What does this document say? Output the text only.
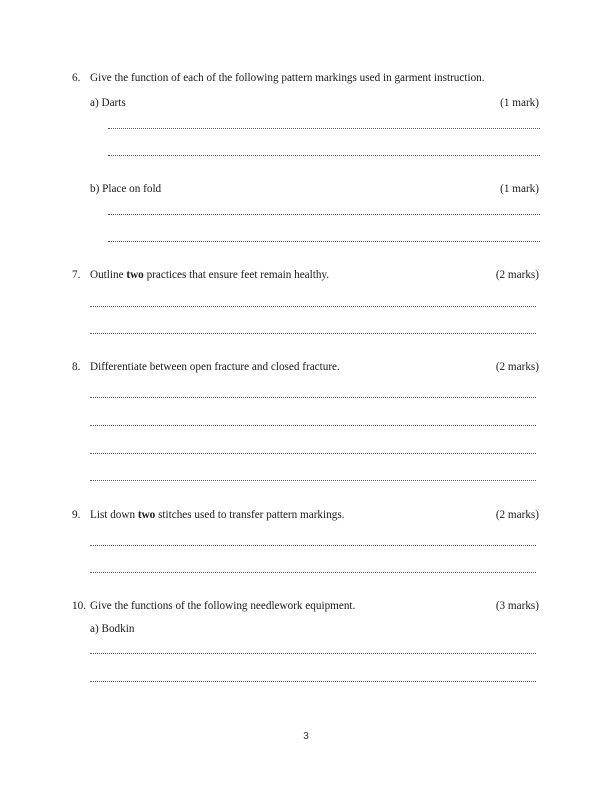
6. Give the function of each of the following pattern markings used in garment instruction.
a) Darts	(1 mark)
b) Place on fold	(1 mark)
7. Outline two practices that ensure feet remain healthy.	(2 marks)
8. Differentiate between open fracture and closed fracture.	(2 marks)
9. List down two stitches used to transfer pattern markings.	(2 marks)
10. Give the functions of the following needlework equipment.	(3 marks)
a) Bodkin
3
